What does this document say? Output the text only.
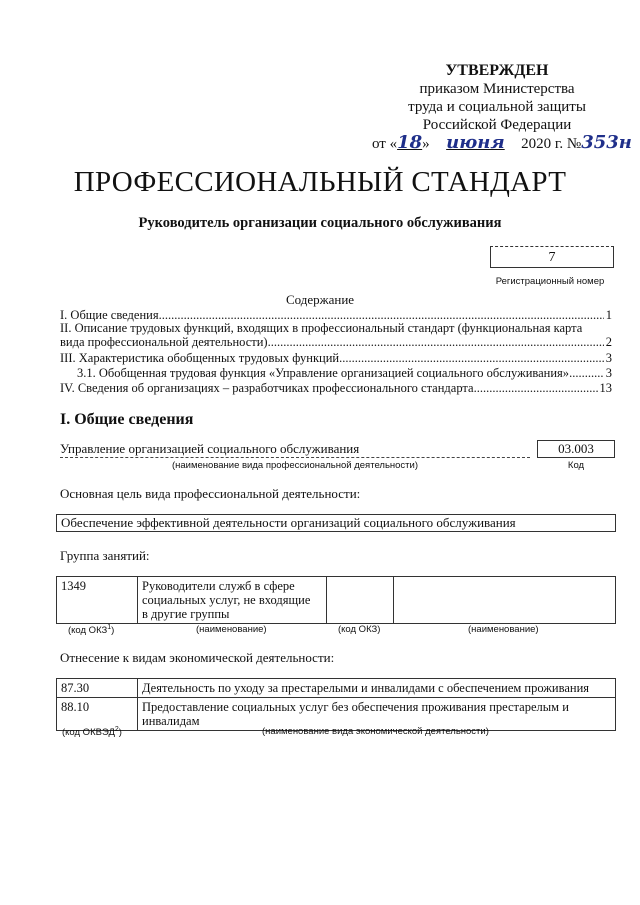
УТВЕРЖДЕН
приказом Министерства
труда и социальной защиты
Российской Федерации
от «18» июня 2020 г. №353н
ПРОФЕССИОНАЛЬНЫЙ СТАНДАРТ
Руководитель организации социального обслуживания
7
Регистрационный номер
Содержание
I. Общие сведения .....	1
II. Описание трудовых функций, входящих в профессиональный стандарт (функциональная карта
вида профессиональной деятельности) .....	2
III. Характеристика обобщенных трудовых функций .....	3
3.1. Обобщенная трудовая функция «Управление организацией социального обслуживания» .....	3
IV. Сведения об организациях – разработчиках профессионального стандарта .....	13
I. Общие сведения
Управление организацией социального обслуживания
(наименование вида профессиональной деятельности)
03.003
Код
Основная цель вида профессиональной деятельности:
Обеспечение эффективной деятельности организаций социального обслуживания
Группа занятий:
1349	Руководители служб в сфере
социальных услуг, не входящие
в другие группы

(код ОКЗ$^1$)	(наименование)	(код ОКЗ)	(наименование)
Отнесение к видам экономической деятельности:
87.30	Деятельность по уходу за престарелыми и инвалидами с обеспечением проживания
88.10	Предоставление социальных услуг без обеспечения проживания престарелым и
инвалидам
(код ОКВЭД$^2$)	(наименование вида экономической деятельности)
